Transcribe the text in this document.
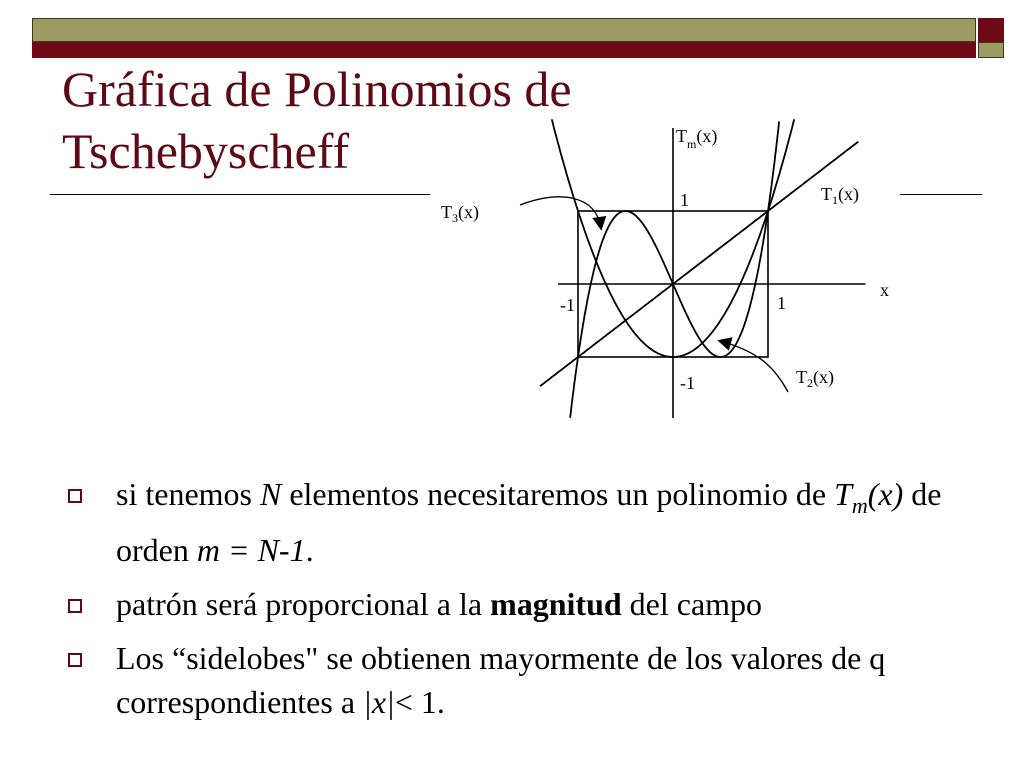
Gráfica de Polinomios de
Tschebyscheff	$T_m(x)$
x
1
-1
-1	1
$T_1(x)$
$T_3(x)$
$T_2(x)$
si tenemos N elementos necesitaremos un polinomio de $T_m(x)$ de orden m = N-1.
patrón será proporcional a la magnitud del campo
Los “sidelobes" se obtienen mayormente de los valores de q correspondientes a |x|< 1.
